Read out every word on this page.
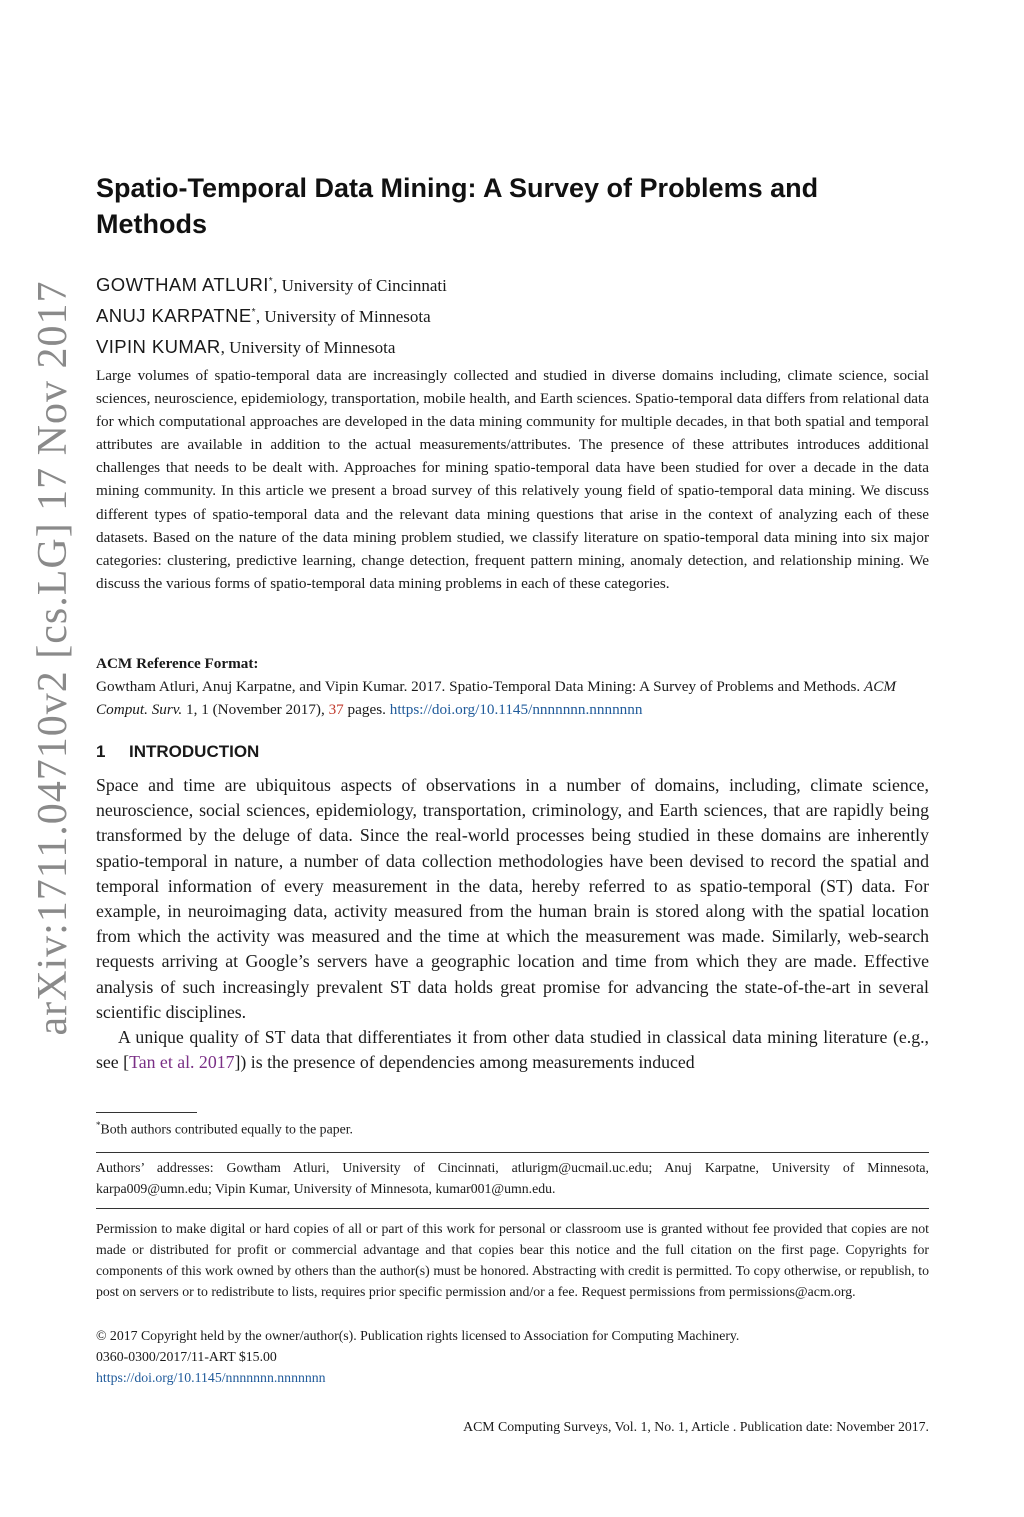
arXiv:1711.04710v2 [cs.LG] 17 Nov 2017
Spatio-Temporal Data Mining: A Survey of Problems and Methods
GOWTHAM ATLURI*, University of Cincinnati
ANUJ KARPATNE*, University of Minnesota
VIPIN KUMAR, University of Minnesota

Large volumes of spatio-temporal data are increasingly collected and studied in diverse domains including, climate science, social sciences, neuroscience, epidemiology, transportation, mobile health, and Earth sciences. Spatio-temporal data differs from relational data for which computational approaches are developed in the data mining community for multiple decades, in that both spatial and temporal attributes are available in addition to the actual measurements/attributes. The presence of these attributes introduces additional challenges that needs to be dealt with. Approaches for mining spatio-temporal data have been studied for over a decade in the data mining community. In this article we present a broad survey of this relatively young field of spatio-temporal data mining. We discuss different types of spatio-temporal data and the relevant data mining questions that arise in the context of analyzing each of these datasets. Based on the nature of the data mining problem studied, we classify literature on spatio-temporal data mining into six major categories: clustering, predictive learning, change detection, frequent pattern mining, anomaly detection, and relationship mining. We discuss the various forms of spatio-temporal data mining problems in each of these categories.

ACM Reference Format:
Gowtham Atluri, Anuj Karpatne, and Vipin Kumar. 2017. Spatio-Temporal Data Mining: A Survey of Problems and Methods. ACM Comput. Surv. 1, 1 (November 2017), 37 pages. https://doi.org/10.1145/nnnnnnn.nnnnnnn
1 INTRODUCTION

Space and time are ubiquitous aspects of observations in a number of domains, including, climate science, neuroscience, social sciences, epidemiology, transportation, criminology, and Earth sciences, that are rapidly being transformed by the deluge of data. Since the real-world processes being studied in these domains are inherently spatio-temporal in nature, a number of data collection methodologies have been devised to record the spatial and temporal information of every measurement in the data, hereby referred to as spatio-temporal (ST) data. For example, in neuroimaging data, activity measured from the human brain is stored along with the spatial location from which the activity was measured and the time at which the measurement was made. Similarly, web-search requests arriving at Google’s servers have a geographic location and time from which they are made. Effective analysis of such increasingly prevalent ST data holds great promise for advancing the state-of-the-art in several scientific disciplines.

A unique quality of ST data that differentiates it from other data studied in classical data mining literature (e.g., see [Tan et al. 2017]) is the presence of dependencies among measurements induced

*Both authors contributed equally to the paper.

Authors’ addresses: Gowtham Atluri, University of Cincinnati, atlurigm@ucmail.uc.edu; Anuj Karpatne, University of Minnesota, karpa009@umn.edu; Vipin Kumar, University of Minnesota, kumar001@umn.edu.

Permission to make digital or hard copies of all or part of this work for personal or classroom use is granted without fee provided that copies are not made or distributed for profit or commercial advantage and that copies bear this notice and the full citation on the first page. Copyrights for components of this work owned by others than the author(s) must be honored. Abstracting with credit is permitted. To copy otherwise, or republish, to post on servers or to redistribute to lists, requires prior specific permission and/or a fee. Request permissions from permissions@acm.org.

© 2017 Copyright held by the owner/author(s). Publication rights licensed to Association for Computing Machinery.
0360-0300/2017/11-ART $15.00
https://doi.org/10.1145/nnnnnnn.nnnnnnn
ACM Computing Surveys, Vol. 1, No. 1, Article . Publication date: November 2017.
